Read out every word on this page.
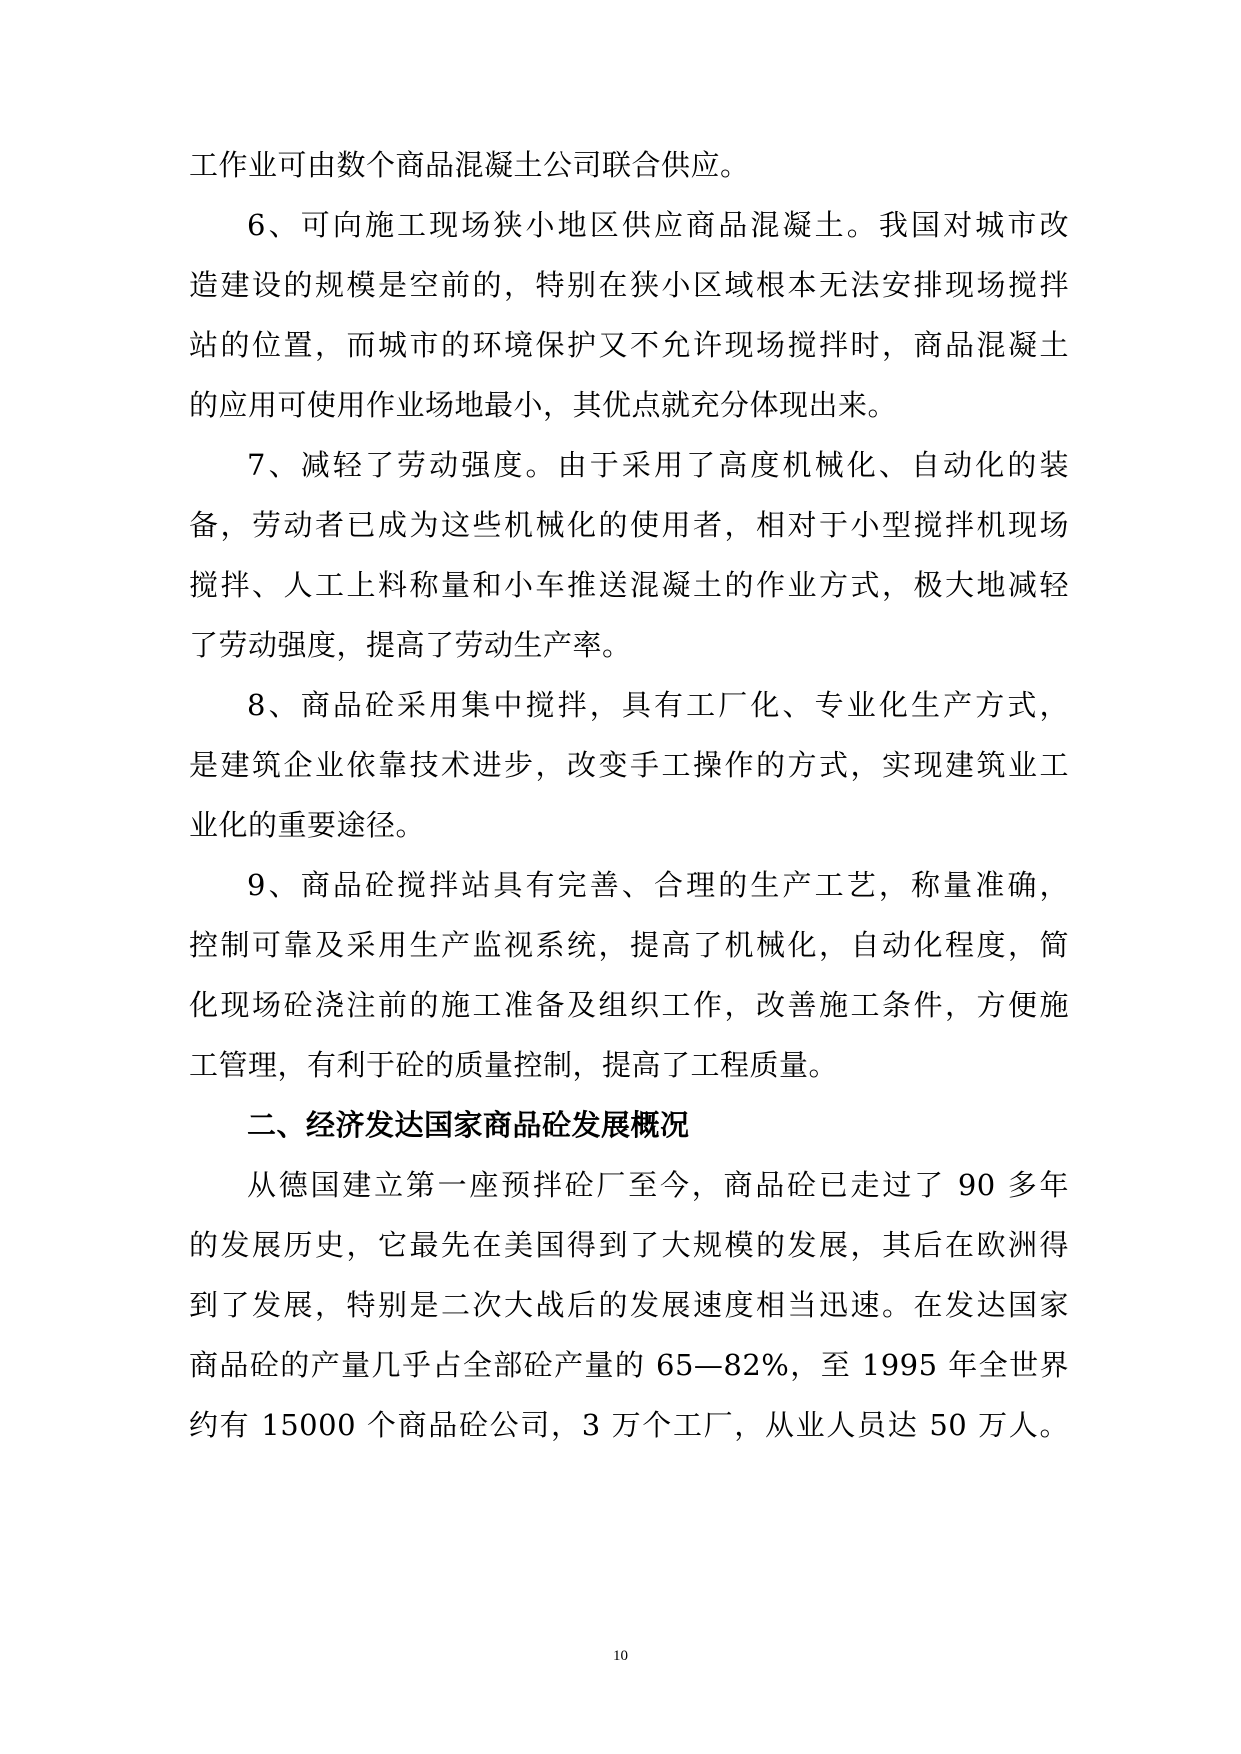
工作业可由数个商品混凝土公司联合供应。
6、可向施工现场狭小地区供应商品混凝土。我国对城市改
造建设的规模是空前的，特别在狭小区域根本无法安排现场搅拌
站的位置，而城市的环境保护又不允许现场搅拌时，商品混凝土
的应用可使用作业场地最小，其优点就充分体现出来。
7、减轻了劳动强度。由于采用了高度机械化、自动化的装
备，劳动者已成为这些机械化的使用者，相对于小型搅拌机现场
搅拌、人工上料称量和小车推送混凝土的作业方式，极大地减轻
了劳动强度，提高了劳动生产率。
8、商品砼采用集中搅拌，具有工厂化、专业化生产方式，
是建筑企业依靠技术进步，改变手工操作的方式，实现建筑业工
业化的重要途径。
9、商品砼搅拌站具有完善、合理的生产工艺，称量准确，
控制可靠及采用生产监视系统，提高了机械化，自动化程度，简
化现场砼浇注前的施工准备及组织工作，改善施工条件，方便施
工管理，有利于砼的质量控制，提高了工程质量。
二、经济发达国家商品砼发展概况
从德国建立第一座预拌砼厂至今，商品砼已走过了 90 多年
的发展历史，它最先在美国得到了大规模的发展，其后在欧洲得
到了发展，特别是二次大战后的发展速度相当迅速。在发达国家
商品砼的产量几乎占全部砼产量的 65—82%，至 1995 年全世界
约有 15000 个商品砼公司，3 万个工厂，从业人员达 50 万人。
10
